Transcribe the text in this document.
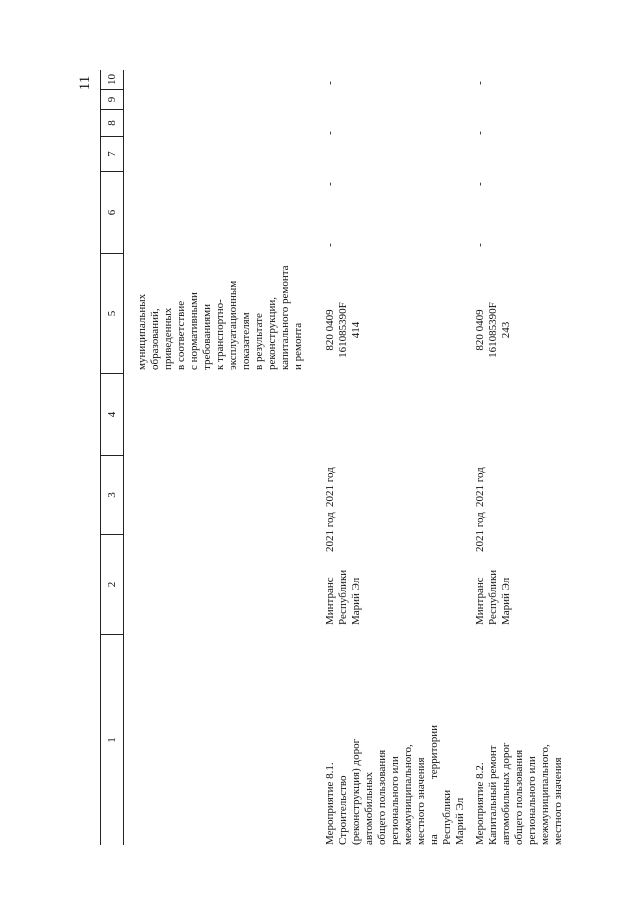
11
1
2
3
4
5
6
7
8
9
10
муниципальных образований, приведенных в соответствие с нормативными требованиями к транспортно- эксплуатационным показателям в результате реконструкции, капитального ремонта и ремонта
Мероприятие 8.1. Строительство (реконструкция) дорог автомобильных общего пользования регионального или межмуниципального, местного значения на территории Республики Марий Эл
Минтранс Республики Марий Эл
2021 год
2021 год
820 0409 161085390F 414
-
-
-
-
Мероприятие 8.2. Капитальный ремонт автомобильных дорог общего пользования регионального или межмуниципального, местного значения
Минтранс Республики Марий Эл
2021 год
2021 год
820 0409 161085390F 243
-
-
-
-
